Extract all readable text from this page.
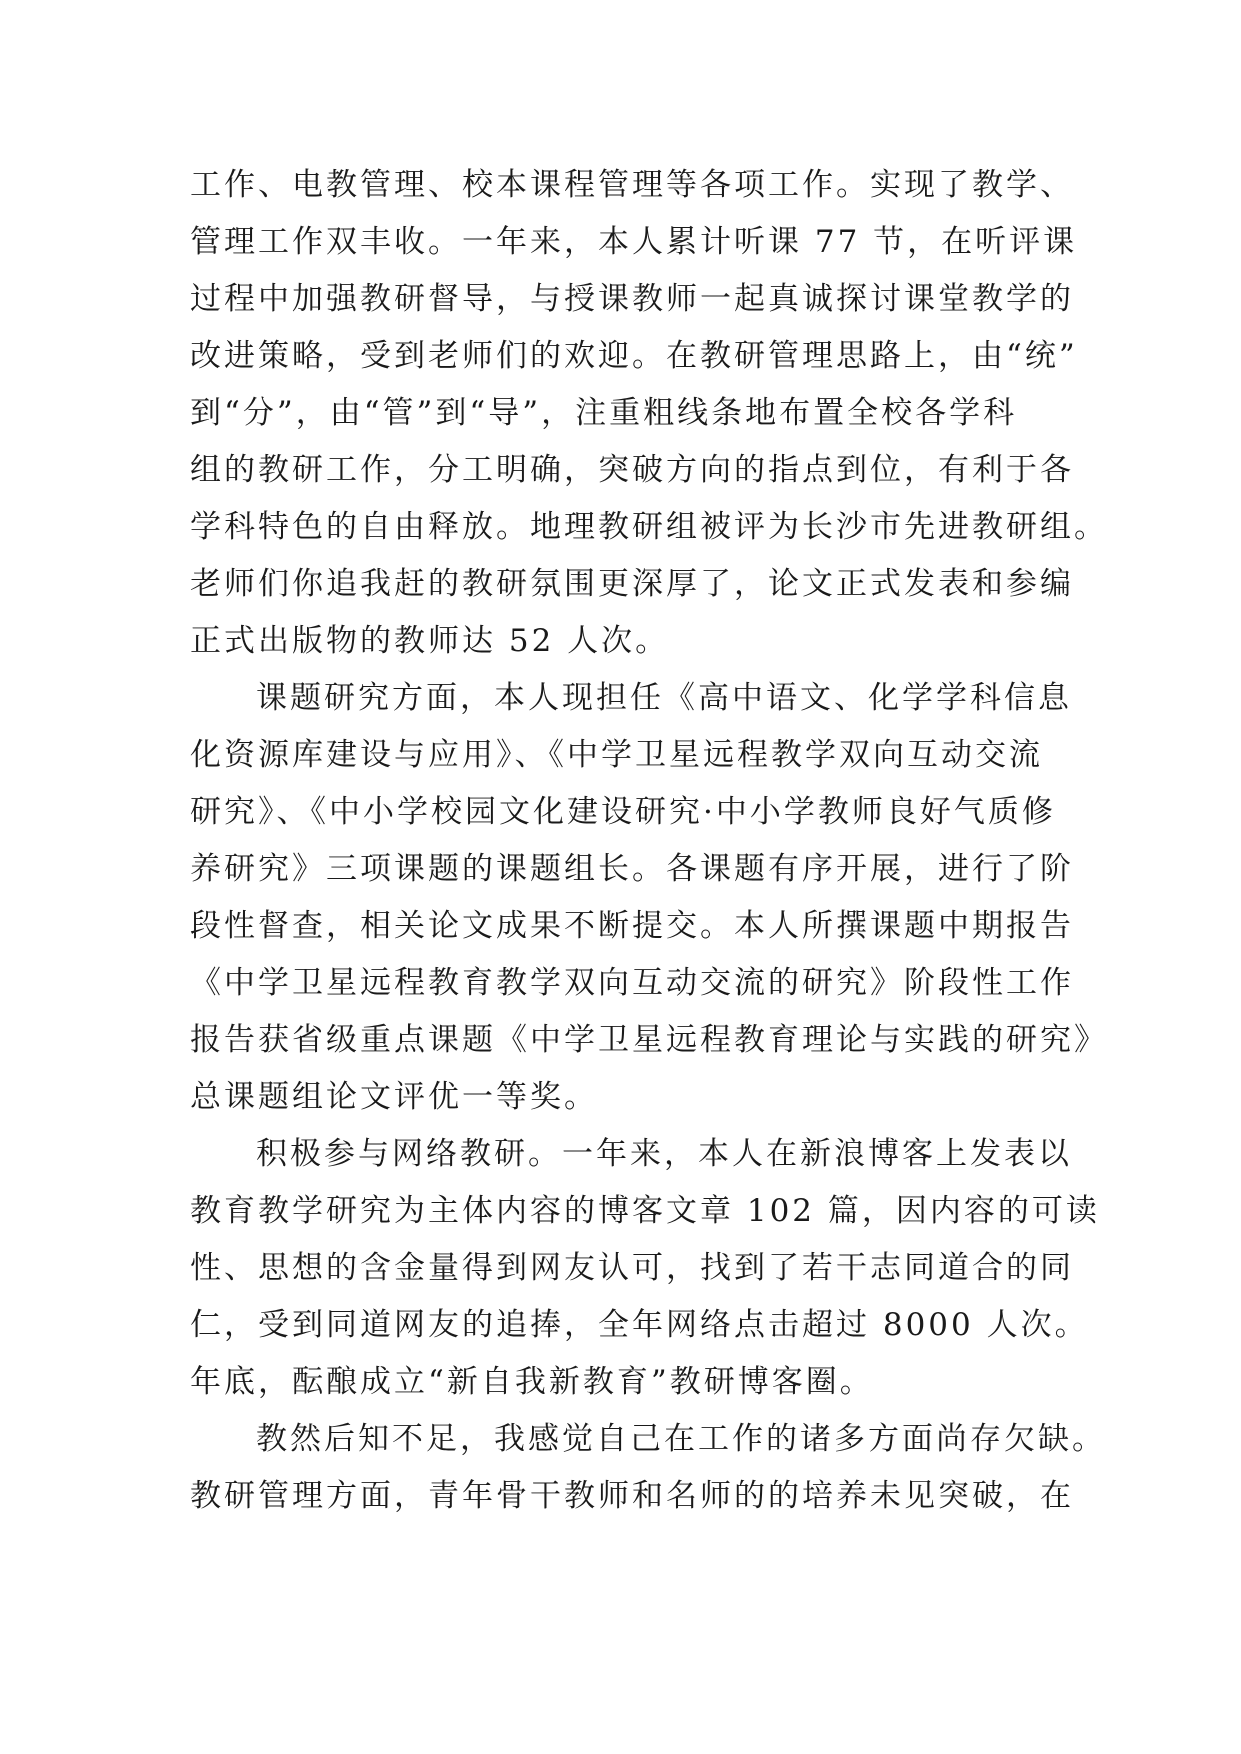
工作、电教管理、校本课程管理等各项工作。实现了教学、
管理工作双丰收。一年来，本人累计听课 77 节，在听评课
过程中加强教研督导，与授课教师一起真诚探讨课堂教学的
改进策略，受到老师们的欢迎。在教研管理思路上，由“统”
到“分”，由“管”到“导”，注重粗线条地布置全校各学科
组的教研工作，分工明确，突破方向的指点到位，有利于各
学科特色的自由释放。地理教研组被评为长沙市先进教研组。
老师们你追我赶的教研氛围更深厚了，论文正式发表和参编
正式出版物的教师达 52 人次。
课题研究方面，本人现担任《高中语文、化学学科信息
化资源库建设与应用》、《中学卫星远程教学双向互动交流
研究》、《中小学校园文化建设研究·中小学教师良好气质修
养研究》三项课题的课题组长。各课题有序开展，进行了阶
段性督查，相关论文成果不断提交。本人所撰课题中期报告
《中学卫星远程教育教学双向互动交流的研究》阶段性工作
报告获省级重点课题《中学卫星远程教育理论与实践的研究》
总课题组论文评优一等奖。
积极参与网络教研。一年来，本人在新浪博客上发表以
教育教学研究为主体内容的博客文章 102 篇，因内容的可读
性、思想的含金量得到网友认可，找到了若干志同道合的同
仁，受到同道网友的追捧，全年网络点击超过 8000 人次。
年底，酝酿成立“新自我新教育”教研博客圈。
教然后知不足，我感觉自己在工作的诸多方面尚存欠缺。
教研管理方面，青年骨干教师和名师的的培养未见突破，在
